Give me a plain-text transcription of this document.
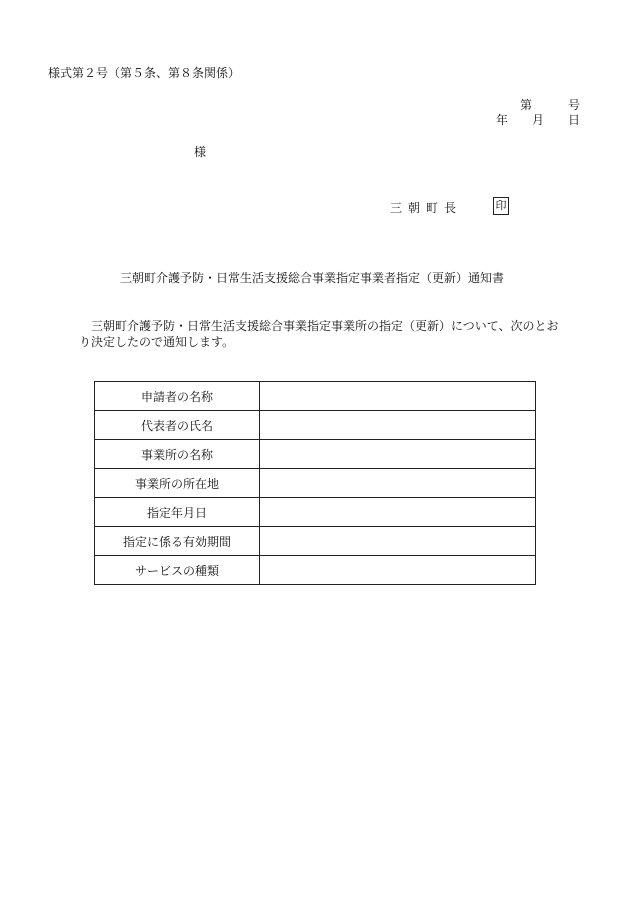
様式第２号（第５条、第８条関係）
第	号
年 月 日
様
三朝町長	印
三朝町介護予防・日常生活支援総合事業指定事業者指定（更新）通知書
三朝町介護予防・日常生活支援総合事業指定事業所の指定（更新）について、次のとおり決定したので通知します。
申請者の名称	
代表者の氏名	
事業所の名称	
事業所の所在地	
指定年月日	
指定に係る有効期間	
サービスの種類	
